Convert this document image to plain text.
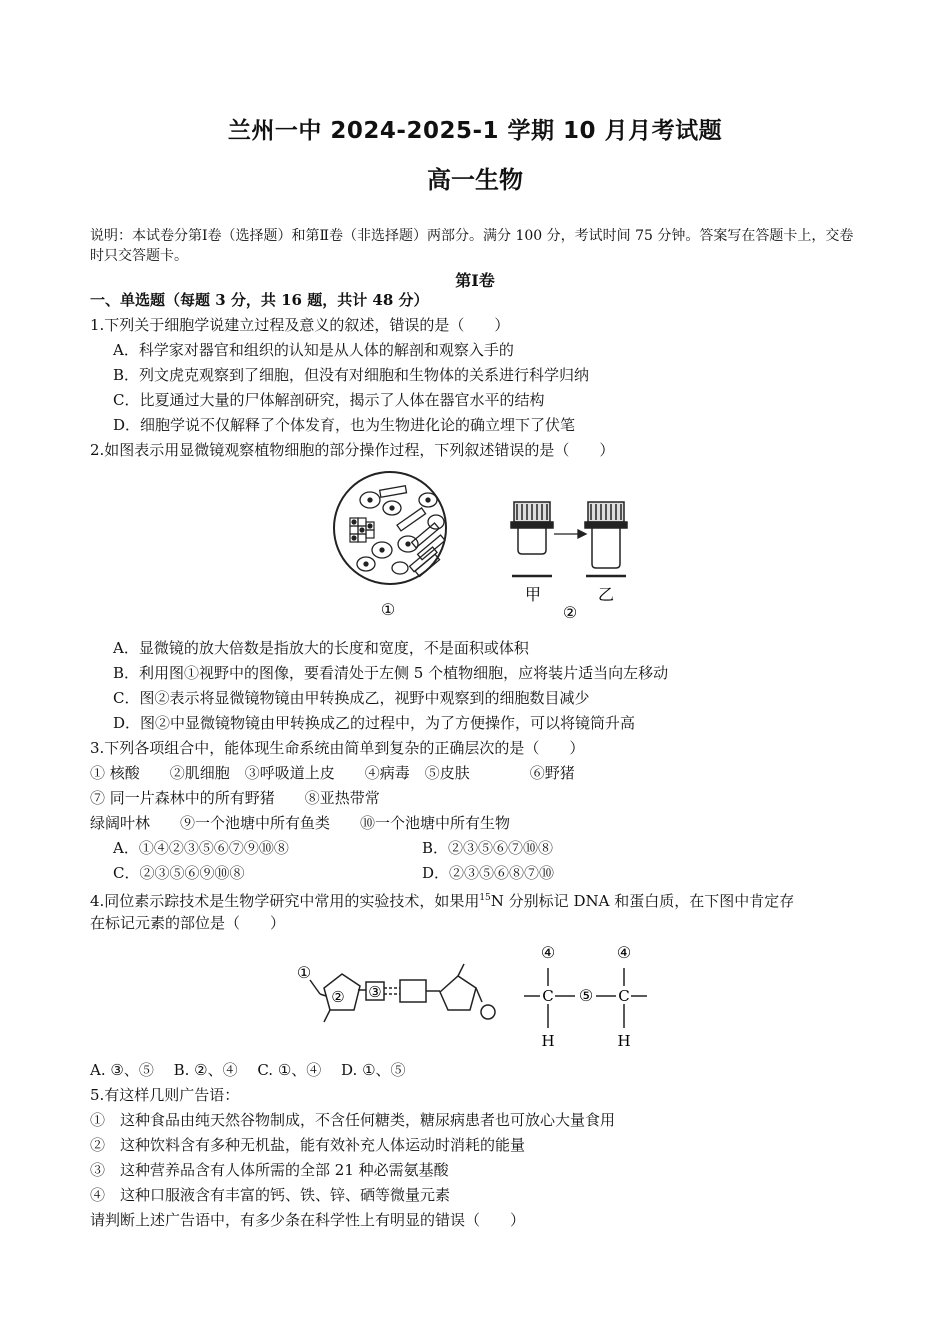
兰州一中 2024-2025-1 学期 10 月月考试题
高一生物
说明：本试卷分第Ⅰ卷（选择题）和第Ⅱ卷（非选择题）两部分。满分 100 分，考试时间 75 分钟。答案写在答题卡上，交卷时只交答题卡。
第Ⅰ卷
一、单选题（每题 3 分，共 16 题，共计 48 分）
1.下列关于细胞学说建立过程及意义的叙述，错误的是（　　）
A．科学家对器官和组织的认知是从人体的解剖和观察入手的
B．列文虎克观察到了细胞，但没有对细胞和生物体的关系进行科学归纳
C．比夏通过大量的尸体解剖研究，揭示了人体在器官水平的结构
D．细胞学说不仅解释了个体发育，也为生物进化论的确立埋下了伏笔
2.如图表示用显微镜观察植物细胞的部分操作过程，下列叙述错误的是（　　）
①
甲	乙
②
A．显微镜的放大倍数是指放大的长度和宽度，不是面积或体积
B．利用图①视野中的图像，要看清处于左侧 5 个植物细胞，应将装片适当向左移动
C．图②表示将显微镜物镜由甲转换成乙，视野中观察到的细胞数目减少
D．图②中显微镜物镜由甲转换成乙的过程中，为了方便操作，可以将镜筒升高
3.下列各项组合中，能体现生命系统由简单到复杂的正确层次的是（　　）
① 核酸　　②肌细胞　③呼吸道上皮　　④病毒　⑤皮肤　　　　⑥野猪
⑦ 同一片森林中的所有野猪　　⑧亚热带常
绿阔叶林　　⑨一个池塘中所有鱼类　　⑩一个池塘中所有生物
A．①④②③⑤⑥⑦⑨⑩⑧	B．②③⑤⑥⑦⑩⑧
C．②③⑤⑥⑨⑩⑧	D．②③⑤⑥⑧⑦⑩
4.同位素示踪技术是生物学研究中常用的实验技术，如果用$^{15}$N 分别标记 DNA 和蛋白质，在下图中肯定存
在标记元素的部位是（　　）
①
② ③
④	④
C	C
⑤
H	H
A. ③、⑤　 B. ②、④　 C. ①、④　 D. ①、⑤
5.有这样几则广告语：
①　这种食品由纯天然谷物制成，不含任何糖类，糖尿病患者也可放心大量食用
②　这种饮料含有多种无机盐，能有效补充人体运动时消耗的能量
③　这种营养品含有人体所需的全部 21 种必需氨基酸
④　这种口服液含有丰富的钙、铁、锌、硒等微量元素
请判断上述广告语中，有多少条在科学性上有明显的错误（　　）
